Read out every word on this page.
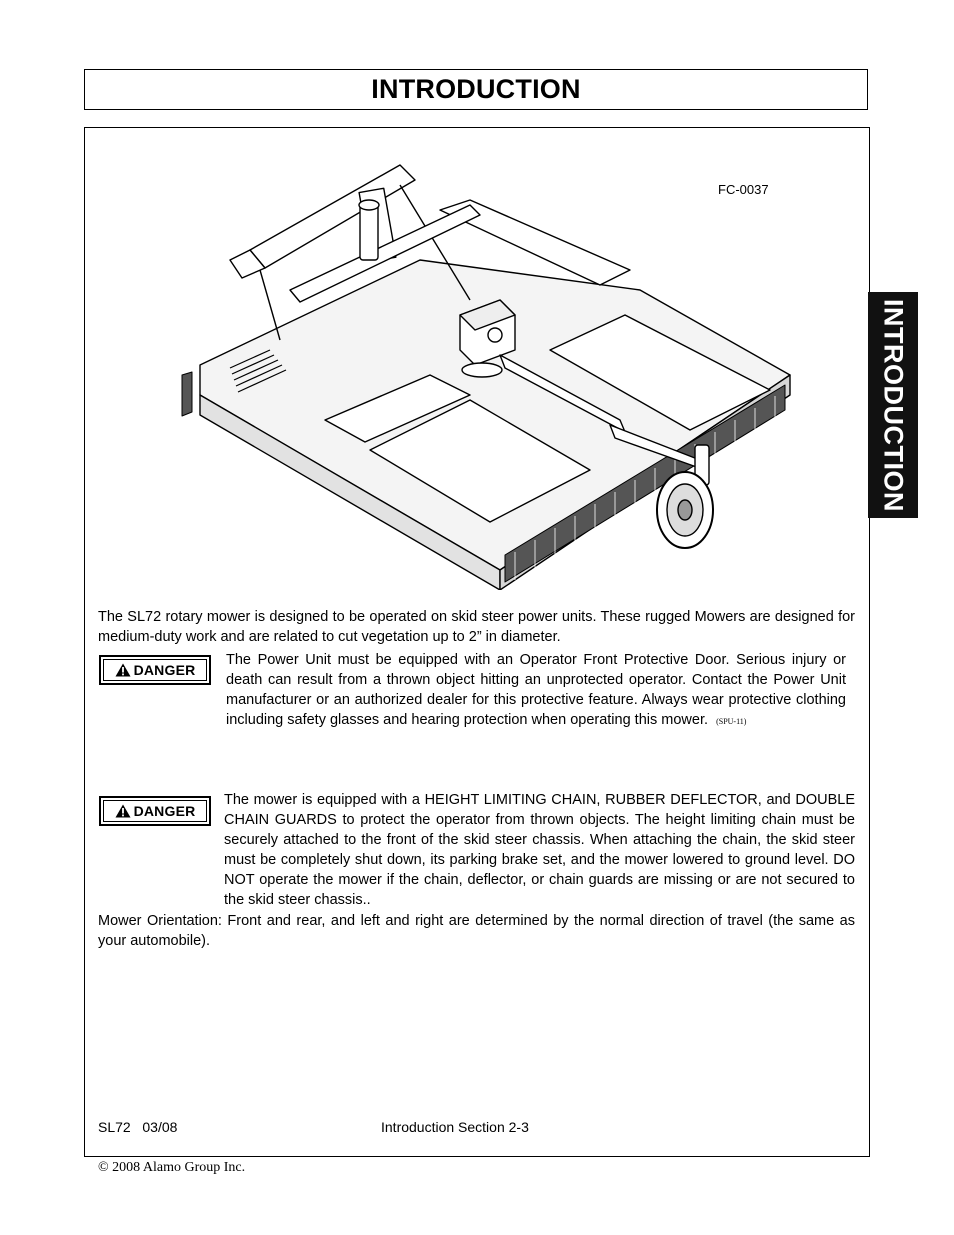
INTRODUCTION
INTRODUCTION
FC-0037
The SL72 rotary mower is designed to be operated on skid steer power units. These rugged Mowers are designed for medium-duty work and are related to cut vegetation up to 2” in diameter.
DANGER
The Power Unit must be equipped with an Operator Front Protective Door. Serious injury or death can result from a thrown object hitting an unprotected operator. Contact the Power Unit manufacturer or an authorized dealer for this protective feature. Always wear protective clothing including safety glasses and hearing protection when operating this mower. (SPU-11)
DANGER
The mower is equipped with a HEIGHT LIMITING CHAIN, RUBBER DEFLECTOR, and DOUBLE CHAIN GUARDS to protect the operator from thrown objects. The height limiting chain must be securely attached to the front of the skid steer chassis. When attaching the chain, the skid steer must be completely shut down, its parking brake set, and the mower lowered to ground level. DO NOT operate the mower if the chain, deflector, or chain guards are missing or are not secured to the skid steer chassis..
Mower Orientation: Front and rear, and left and right are determined by the normal direction of travel (the same as your automobile).
SL72   03/08	Introduction Section 2-3
© 2008 Alamo Group Inc.
